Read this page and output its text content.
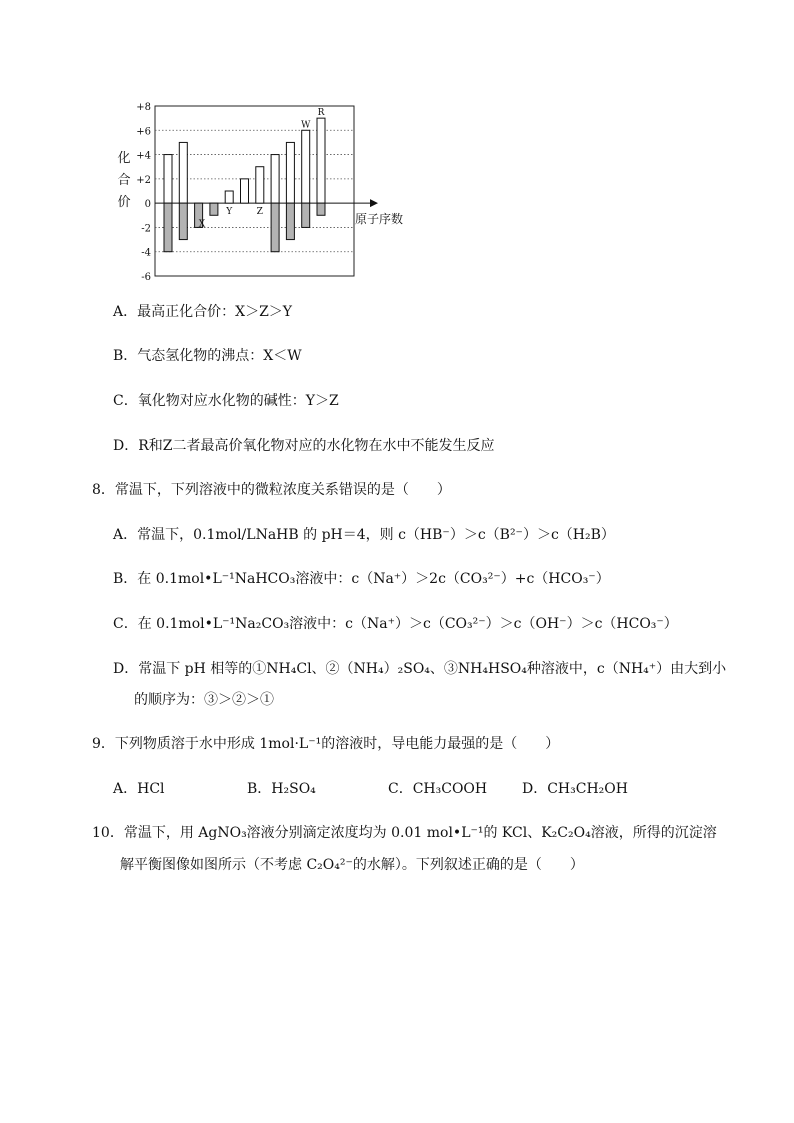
+8
+6
+4
+2
0
-2
-4
-6
原子序数
化
合
价
X
Y	Z
W
R
A．最高正化合价：X＞Z＞Y
B．气态氢化物的沸点：X＜W
C．氧化物对应水化物的碱性：Y＞Z
D．R和Z二者最高价氧化物对应的水化物在水中不能发生反应
8．常温下，下列溶液中的微粒浓度关系错误的是（　　）
A．常温下，0.1mol/LNaHB 的 pH＝4，则 c（HB⁻）＞c（B²⁻）＞c（H₂B）
B．在 0.1mol•L⁻¹NaHCO₃溶液中：c（Na⁺）＞2c（CO₃²⁻）+c（HCO₃⁻）
C．在 0.1mol•L⁻¹Na₂CO₃溶液中：c（Na⁺）＞c（CO₃²⁻）＞c（OH⁻）＞c（HCO₃⁻）
D．常温下 pH 相等的①NH₄Cl、②（NH₄）₂SO₄、③NH₄HSO₄种溶液中，c（NH₄⁺）由大到小
的顺序为：③＞②＞①
9．下列物质溶于水中形成 1mol·L⁻¹的溶液时，导电能力最强的是（　　）
A．HCl	B．H₂SO₄	C．CH₃COOH D．CH₃CH₂OH
10．常温下，用 AgNO₃溶液分别滴定浓度均为 0.01 mol•L⁻¹的 KCl、K₂C₂O₄溶液，所得的沉淀溶
解平衡图像如图所示（不考虑 C₂O₄²⁻的水解）。下列叙述正确的是（　　）
